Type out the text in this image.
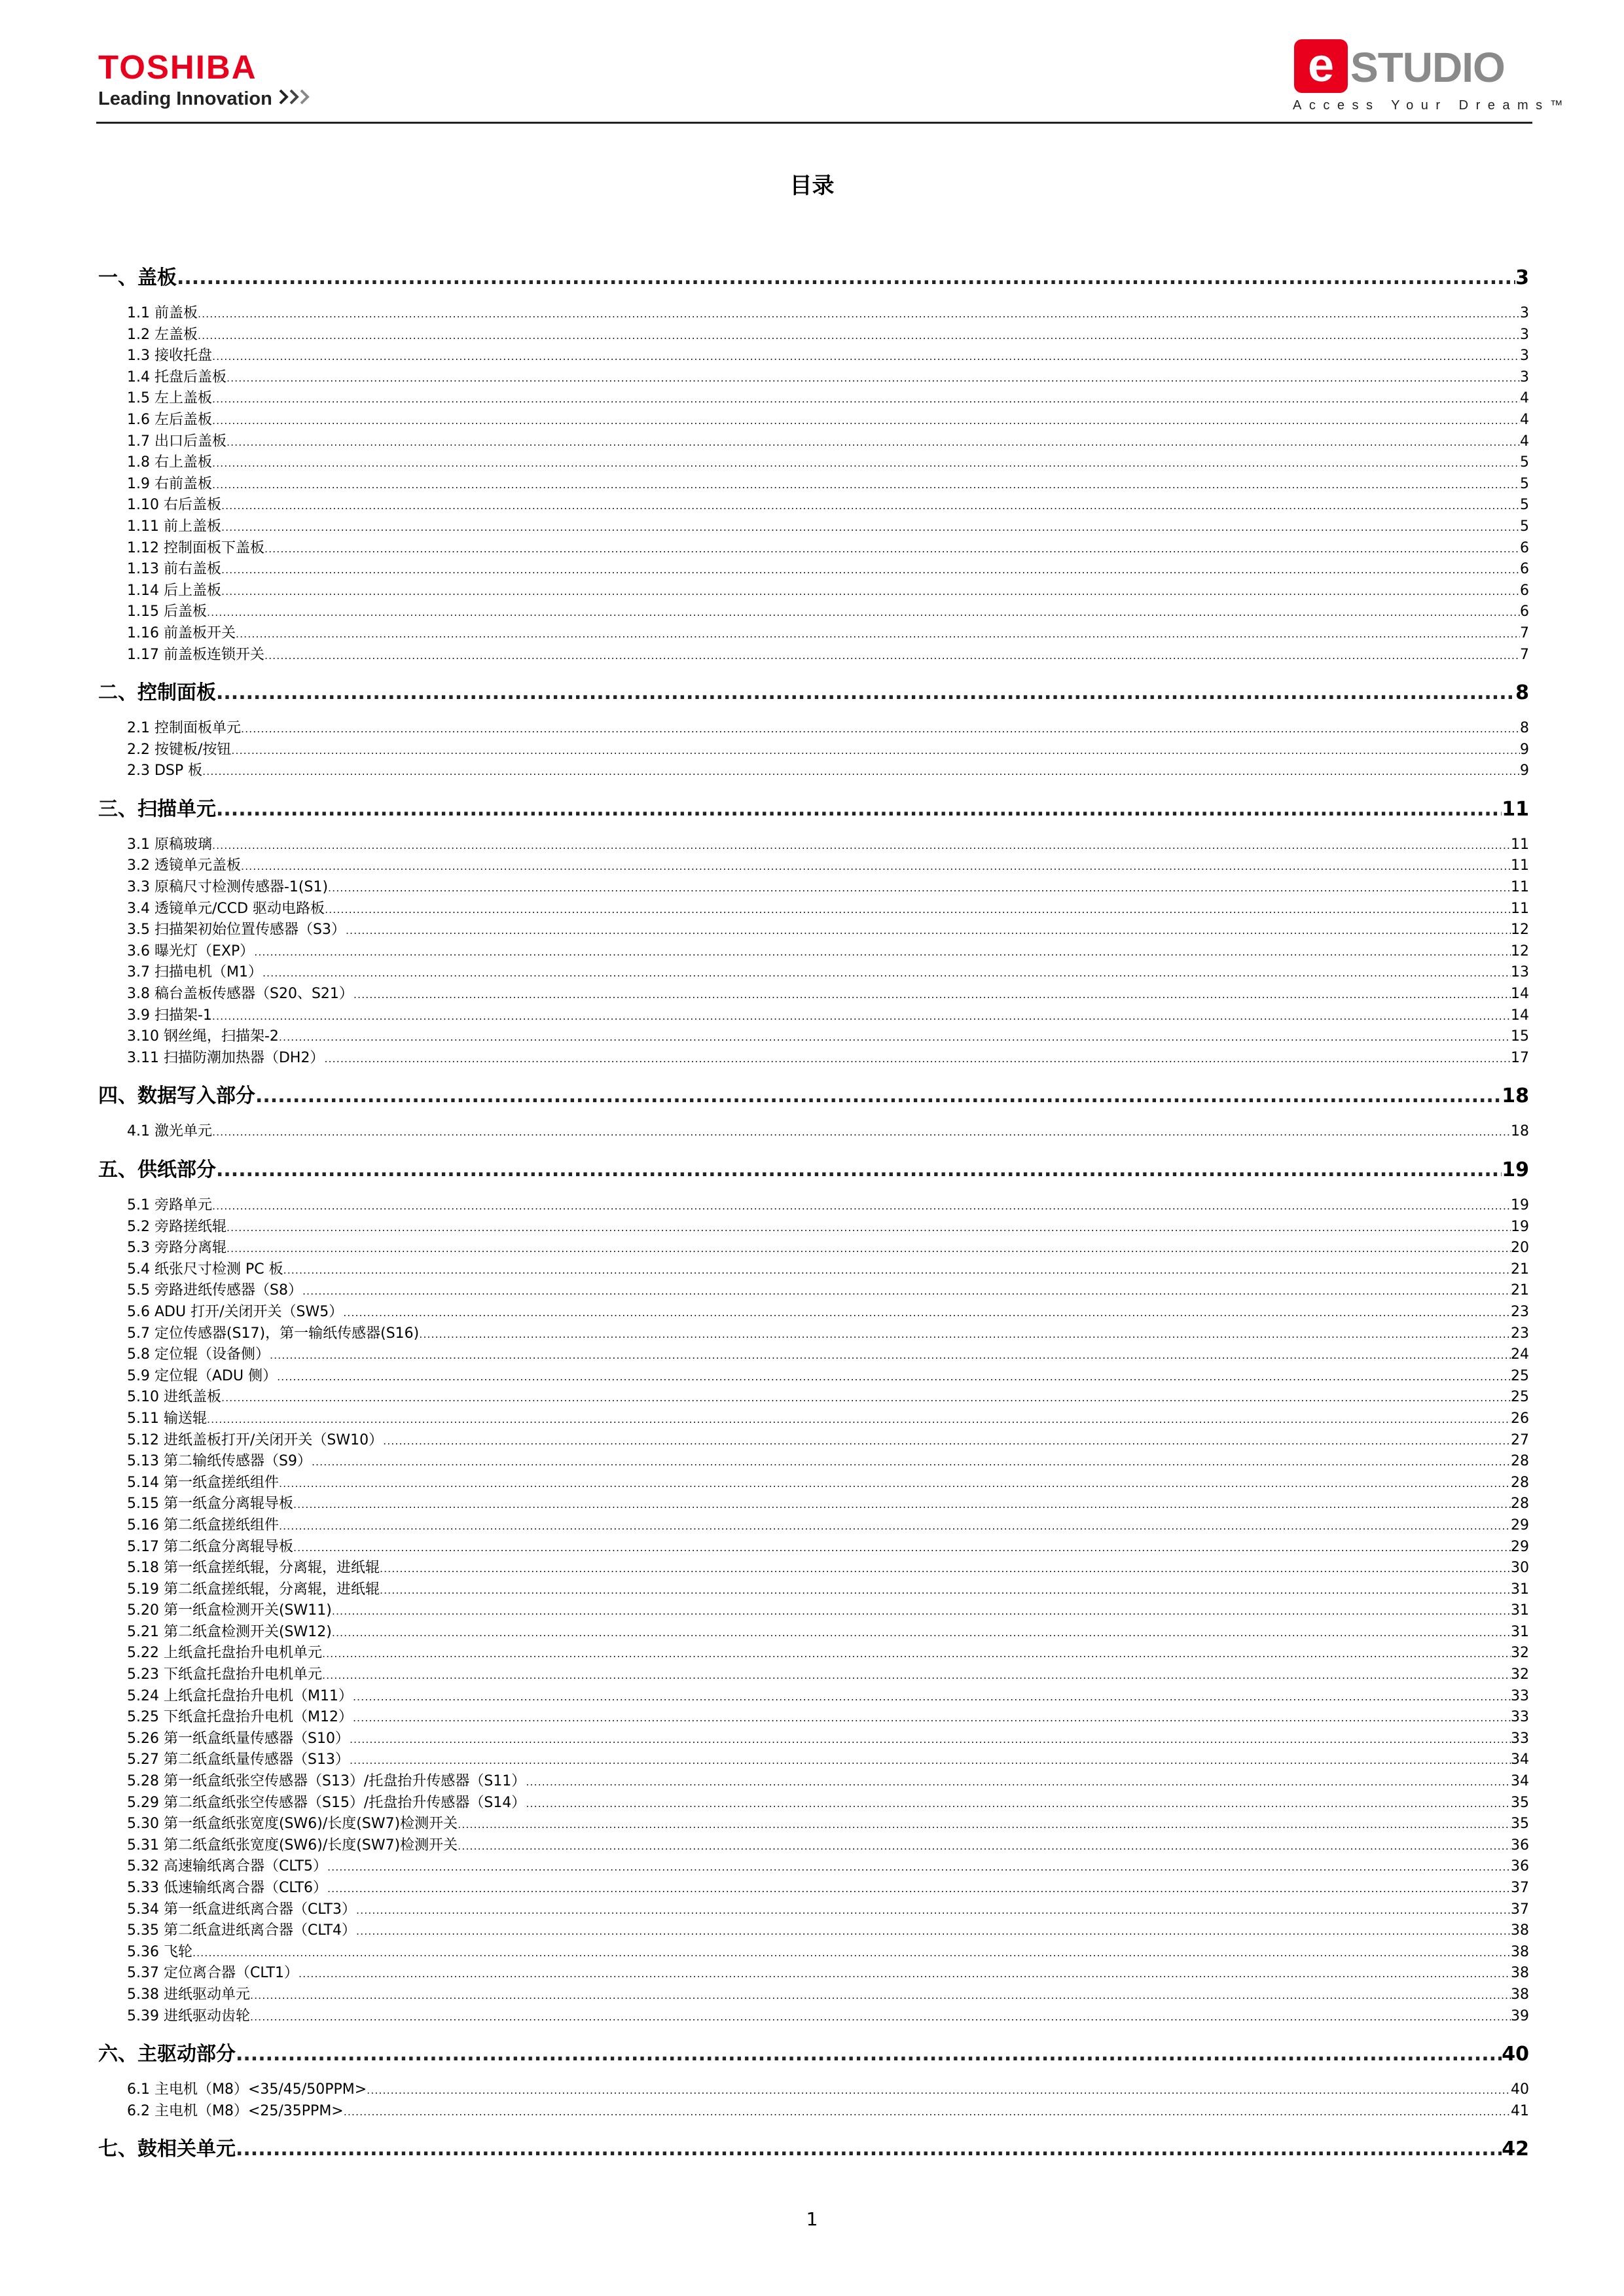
TOSHIBA
Leading Innovation
e STUDIO
Access Your Dreams™
目录
一、盖板 .....	3
1.1 前盖板 .....	3
1.2 左盖板 .....	3
1.3 接收托盘 .....	3
1.4 托盘后盖板 .....	3
1.5 左上盖板 .....	4
1.6 左后盖板 .....	4
1.7 出口后盖板 .....	4
1.8 右上盖板 .....	5
1.9 右前盖板 .....	5
1.10 右后盖板 .....	5
1.11 前上盖板 .....	5
1.12 控制面板下盖板 .....	6
1.13 前右盖板 .....	6
1.14 后上盖板 .....	6
1.15 后盖板 .....	6
1.16 前盖板开关 .....	7
1.17 前盖板连锁开关 .....	7
二、控制面板 .....	8
2.1 控制面板单元 .....	8
2.2 按键板/按钮 .....	9
2.3 DSP 板 .....	9
三、扫描单元 .....	11
3.1 原稿玻璃 .....	11
3.2 透镜单元盖板 .....	11
3.3 原稿尺寸检测传感器-1(S1) .....	11
3.4 透镜单元/CCD 驱动电路板 .....	11
3.5 扫描架初始位置传感器（S3） .....	12
3.6 曝光灯（EXP） .....	12
3.7 扫描电机（M1） .....	13
3.8 稿台盖板传感器（S20、S21） .....	14
3.9 扫描架-1 .....	14
3.10 钢丝绳，扫描架-2 .....	15
3.11 扫描防潮加热器（DH2） .....	17
四、数据写入部分 .....	18
4.1 激光单元 .....	18
五、供纸部分 .....	19
5.1 旁路单元 .....	19
5.2 旁路搓纸辊 .....	19
5.3 旁路分离辊 .....	20
5.4 纸张尺寸检测 PC 板 .....	21
5.5 旁路进纸传感器（S8） .....	21
5.6 ADU 打开/关闭开关（SW5） .....	23
5.7 定位传感器(S17)，第一输纸传感器(S16) .....	23
5.8 定位辊（设备侧） .....	24
5.9 定位辊（ADU 侧） .....	25
5.10 进纸盖板 .....	25
5.11 输送辊 .....	26
5.12 进纸盖板打开/关闭开关（SW10） .....	27
5.13 第二输纸传感器（S9） .....	28
5.14 第一纸盒搓纸组件 .....	28
5.15 第一纸盒分离辊导板 .....	28
5.16 第二纸盒搓纸组件 .....	29
5.17 第二纸盒分离辊导板 .....	29
5.18 第一纸盒搓纸辊，分离辊，进纸辊 .....	30
5.19 第二纸盒搓纸辊，分离辊，进纸辊 .....	31
5.20 第一纸盒检测开关(SW11) .....	31
5.21 第二纸盒检测开关(SW12) .....	31
5.22 上纸盒托盘抬升电机单元 .....	32
5.23 下纸盒托盘抬升电机单元 .....	32
5.24 上纸盒托盘抬升电机（M11） .....	33
5.25 下纸盒托盘抬升电机（M12） .....	33
5.26 第一纸盒纸量传感器（S10） .....	33
5.27 第二纸盒纸量传感器（S13） .....	34
5.28 第一纸盒纸张空传感器（S13）/托盘抬升传感器（S11） .....	34
5.29 第二纸盒纸张空传感器（S15）/托盘抬升传感器（S14） .....	35
5.30 第一纸盒纸张宽度(SW6)/长度(SW7)检测开关 .....	35
5.31 第二纸盒纸张宽度(SW6)/长度(SW7)检测开关 .....	36
5.32 高速输纸离合器（CLT5） .....	36
5.33 低速输纸离合器（CLT6） .....	37
5.34 第一纸盒进纸离合器（CLT3） .....	37
5.35 第二纸盒进纸离合器（CLT4） .....	38
5.36 飞轮 .....	38
5.37 定位离合器（CLT1） .....	38
5.38 进纸驱动单元 .....	38
5.39 进纸驱动齿轮 .....	39
六、主驱动部分 .....	40
6.1 主电机（M8）<35/45/50PPM> .....	40
6.2 主电机（M8）<25/35PPM> .....	41
七、鼓相关单元 .....	42
1
